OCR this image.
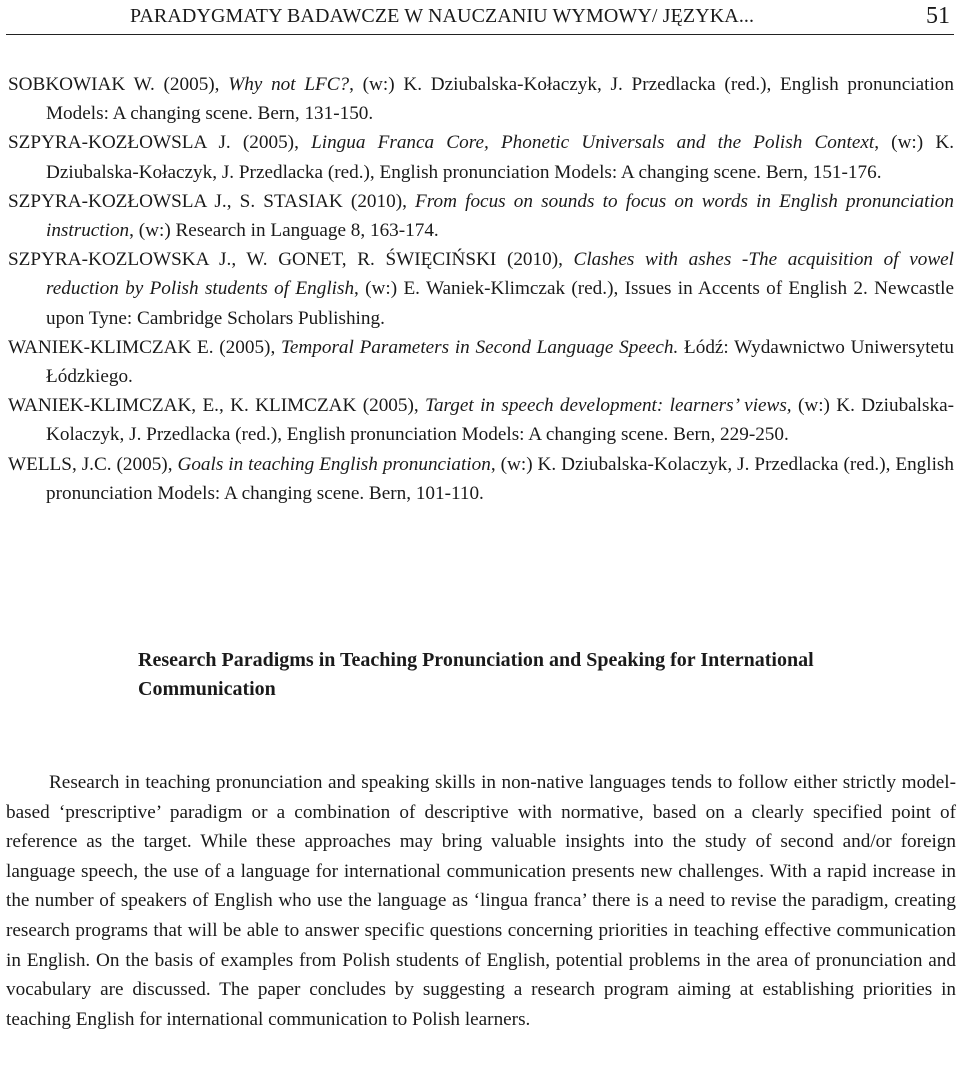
PARADYGMATY BADAWCZE W NAUCZANIU WYMOWY/ JĘZYKA...	51
SOBKOWIAK W. (2005), Why not LFC?, (w:) K. Dziubalska-Kołaczyk, J. Przedlacka (red.), English pronunciation Models: A changing scene. Bern, 131-150.
SZPYRA-KOZŁOWSLA J. (2005), Lingua Franca Core, Phonetic Universals and the Polish Context, (w:) K. Dziubalska-Kołaczyk, J. Przedlacka (red.), English pronunciation Models: A changing scene. Bern, 151-176.
SZPYRA-KOZŁOWSLA J., S. STASIAK (2010), From focus on sounds to focus on words in English pronunciation instruction, (w:) Research in Language 8, 163-174.
SZPYRA-KOZLOWSKA J., W. GONET, R. ŚWIĘCIŃSKI (2010), Clashes with ashes -The acquisition of vowel reduction by Polish students of English, (w:) E. Waniek-Klimczak (red.), Issues in Accents of English 2. Newcastle upon Tyne: Cambridge Scholars Publishing.
WANIEK-KLIMCZAK E. (2005), Temporal Parameters in Second Language Speech. Łódź: Wydawnictwo Uniwersytetu Łódzkiego.
WANIEK-KLIMCZAK, E., K. KLIMCZAK (2005), Target in speech development: learners’ views, (w:) K. Dziubalska-Kolaczyk, J. Przedlacka (red.), English pronunciation Models: A changing scene. Bern, 229-250.
WELLS, J.C. (2005), Goals in teaching English pronunciation, (w:) K. Dziubalska-Kolaczyk, J. Przedlacka (red.), English pronunciation Models: A changing scene. Bern, 101-110.
Research Paradigms in Teaching Pronunciation and Speaking for International Communication
Research in teaching pronunciation and speaking skills in non-native languages tends to follow either strictly model-based ‘prescriptive’ paradigm or a combination of descriptive with normative, based on a clearly specified point of reference as the target. While these approaches may bring valuable insights into the study of second and/or foreign language speech, the use of a language for international communication presents new challenges. With a rapid increase in the number of speakers of English who use the language as ‘lingua franca’ there is a need to revise the paradigm, creating research programs that will be able to answer specific questions concerning priorities in teaching effective communication in English. On the basis of examples from Polish students of English, potential problems in the area of pronunciation and vocabulary are discussed. The paper concludes by suggesting a research program aiming at establishing priorities in teaching English for international communication to Polish learners.
